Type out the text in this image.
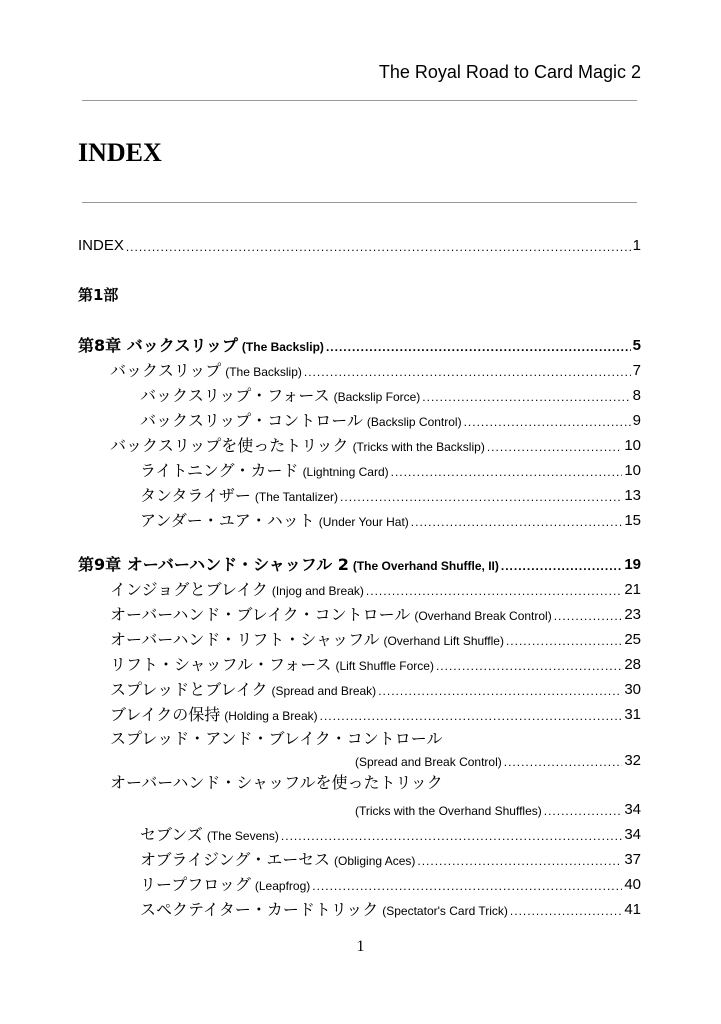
The Royal Road to Card Magic 2
INDEX
INDEX .....	1
第1部
第8章 バックスリップ (The Backslip) .....	5
バックスリップ (The Backslip) .....	7
バックスリップ・フォース (Backslip Force) .....	8
バックスリップ・コントロール (Backslip Control) .....	9
バックスリップを使ったトリック (Tricks with the Backslip) .....	10
ライトニング・カード (Lightning Card) .....	10
タンタライザー (The Tantalizer) .....	13
アンダー・ユア・ハット (Under Your Hat) .....	15
第9章 オーバーハンド・シャッフル 2 (The Overhand Shuffle, II) .....	19
インジョグとブレイク (Injog and Break) .....	21
オーバーハンド・ブレイク・コントロール (Overhand Break Control) .....	23
オーバーハンド・リフト・シャッフル (Overhand Lift Shuffle) .....	25
リフト・シャッフル・フォース (Lift Shuffle Force) .....	28
スプレッドとブレイク (Spread and Break) .....	30
ブレイクの保持 (Holding a Break) .....	31
スプレッド・アンド・ブレイク・コントロール
(Spread and Break Control) .....	32
オーバーハンド・シャッフルを使ったトリック
(Tricks with the Overhand Shuffles) .....	34
セブンズ (The Sevens) .....	34
オブライジング・エーセス (Obliging Aces) .....	37
リープフロッグ (Leapfrog) .....	40
スペクテイター・カードトリック (Spectator's Card Trick) .....	41
1
